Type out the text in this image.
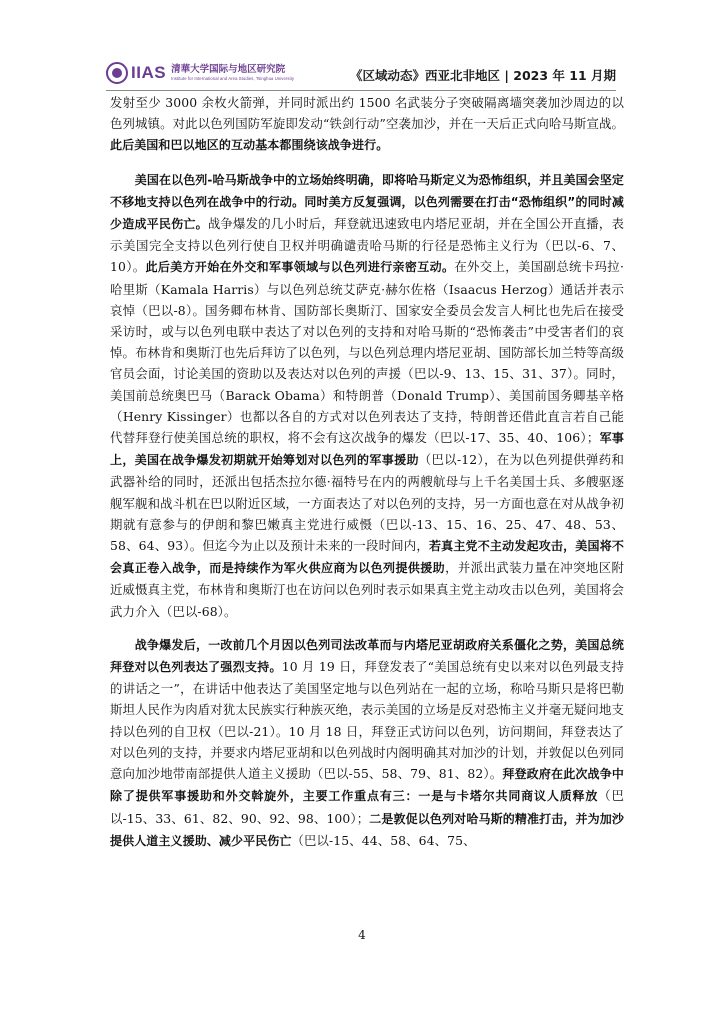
IIAS 清華大学国际与地区研究院
Institute for International and Area Studies, Tsinghua University	《区域动态》西亚北非地区 | 2023 年 11 月期

发射至少 3000 余枚火箭弹，并同时派出约 1500 名武装分子突破隔离墙突袭加沙周边的以色列城镇。对此以色列国防军旋即发动“铁剑行动”空袭加沙，并在一天后正式向哈马斯宣战。此后美国和巴以地区的互动基本都围绕该战争进行。

美国在以色列-哈马斯战争中的立场始终明确，即将哈马斯定义为恐怖组织，并且美国会坚定不移地支持以色列在战争中的行动。同时美方反复强调，以色列需要在打击“恐怖组织”的同时减少造成平民伤亡。战争爆发的几小时后，拜登就迅速致电内塔尼亚胡，并在全国公开直播，表示美国完全支持以色列行使自卫权并明确谴责哈马斯的行径是恐怖主义行为（巴以-6、7、10）。此后美方开始在外交和军事领域与以色列进行亲密互动。在外交上，美国副总统卡玛拉·哈里斯（Kamala Harris）与以色列总统艾萨克·赫尔佐格（Isaacus Herzog）通话并表示哀悼（巴以-8）。国务卿布林肯、国防部长奥斯汀、国家安全委员会发言人柯比也先后在接受采访时，或与以色列电联中表达了对以色列的支持和对哈马斯的“恐怖袭击”中受害者们的哀悼。布林肯和奥斯汀也先后拜访了以色列，与以色列总理内塔尼亚胡、国防部长加兰特等高级官员会面，讨论美国的资助以及表达对以色列的声援（巴以-9、13、15、31、37）。同时，美国前总统奥巴马（Barack Obama）和特朗普（Donald Trump）、美国前国务卿基辛格（Henry Kissinger）也都以各自的方式对以色列表达了支持，特朗普还借此直言若自己能代替拜登行使美国总统的职权，将不会有这次战争的爆发（巴以-17、35、40、106）；军事上，美国在战争爆发初期就开始筹划对以色列的军事援助（巴以-12），在为以色列提供弹药和武器补给的同时，还派出包括杰拉尔德·福特号在内的两艘航母与上千名美国士兵、多艘驱逐舰军舰和战斗机在巴以附近区域，一方面表达了对以色列的支持，另一方面也意在对从战争初期就有意参与的伊朗和黎巴嫩真主党进行威慑（巴以-13、15、16、25、47、48、53、58、64、93）。但迄今为止以及预计未来的一段时间内，若真主党不主动发起攻击，美国将不会真正卷入战争，而是持续作为军火供应商为以色列提供援助，并派出武装力量在冲突地区附近威慑真主党，布林肯和奥斯汀也在访问以色列时表示如果真主党主动攻击以色列，美国将会武力介入（巴以-68）。

战争爆发后，一改前几个月因以色列司法改革而与内塔尼亚胡政府关系僵化之势，美国总统拜登对以色列表达了强烈支持。10 月 19 日，拜登发表了“美国总统有史以来对以色列最支持的讲话之一”，在讲话中他表达了美国坚定地与以色列站在一起的立场，称哈马斯只是将巴勒斯坦人民作为肉盾对犹太民族实行种族灭绝，表示美国的立场是反对恐怖主义并毫无疑问地支持以色列的自卫权（巴以-21）。10 月 18 日，拜登正式访问以色列，访问期间，拜登表达了对以色列的支持，并要求内塔尼亚胡和以色列战时内阁明确其对加沙的计划，并敦促以色列同意向加沙地带南部提供人道主义援助（巴以-55、58、79、81、82）。拜登政府在此次战争中除了提供军事援助和外交斡旋外，主要工作重点有三：一是与卡塔尔共同商议人质释放（巴以-15、33、61、82、90、92、98、100）；二是敦促以色列对哈马斯的精准打击，并为加沙提供人道主义援助、减少平民伤亡（巴以-15、44、58、64、75、

4
